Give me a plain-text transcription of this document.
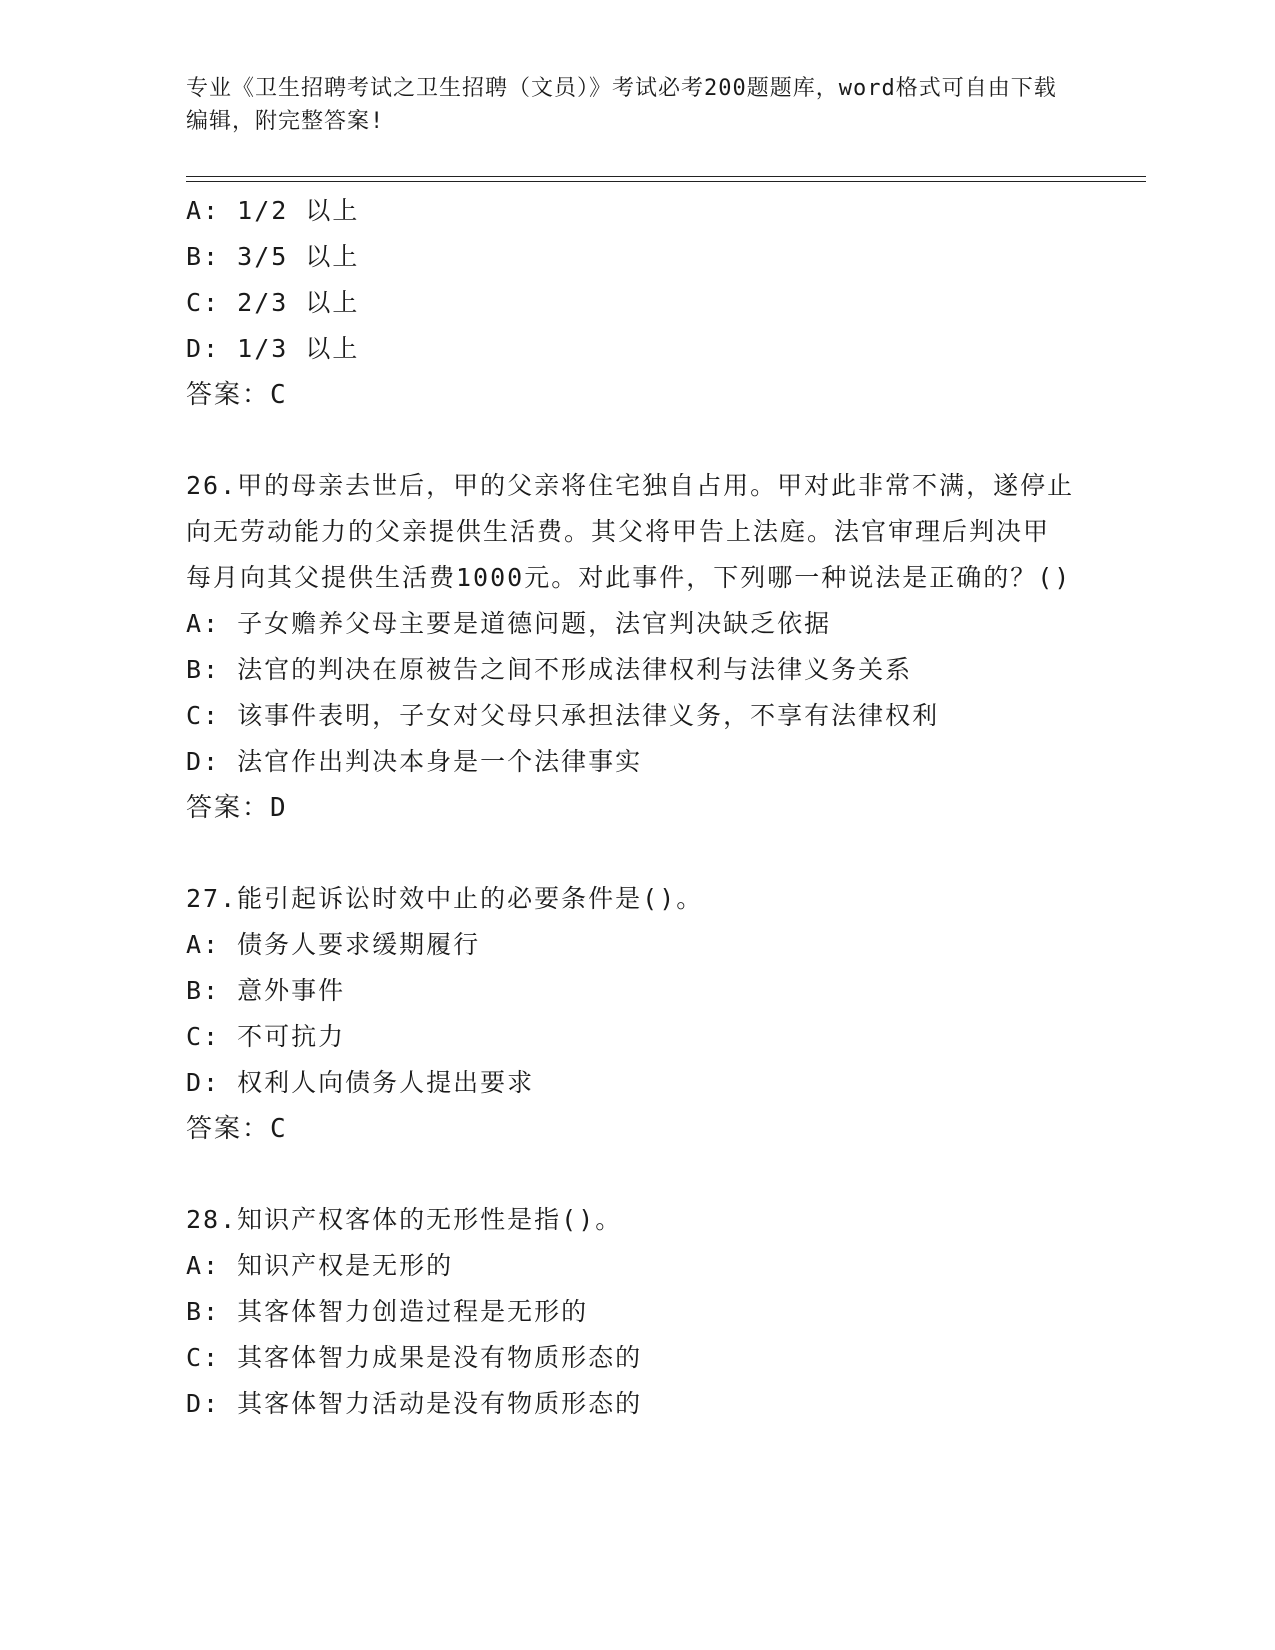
专业《卫生招聘考试之卫生招聘（文员）》考试必考200题题库，word格式可自由下载编辑，附完整答案!
A: 1/2 以上
B: 3/5 以上
C: 2/3 以上
D: 1/3 以上
答案：C
26.甲的母亲去世后，甲的父亲将住宅独自占用。甲对此非常不满，遂停止向无劳动能力的父亲提供生活费。其父将甲告上法庭。法官审理后判决甲每月向其父提供生活费1000元。对此事件，下列哪一种说法是正确的？()
A: 子女赡养父母主要是道德问题，法官判决缺乏依据
B: 法官的判决在原被告之间不形成法律权利与法律义务关系
C: 该事件表明，子女对父母只承担法律义务，不享有法律权利
D: 法官作出判决本身是一个法律事实
答案：D
27.能引起诉讼时效中止的必要条件是()。
A: 债务人要求缓期履行
B: 意外事件
C: 不可抗力
D: 权利人向债务人提出要求
答案：C
28.知识产权客体的无形性是指()。
A: 知识产权是无形的
B: 其客体智力创造过程是无形的
C: 其客体智力成果是没有物质形态的
D: 其客体智力活动是没有物质形态的
